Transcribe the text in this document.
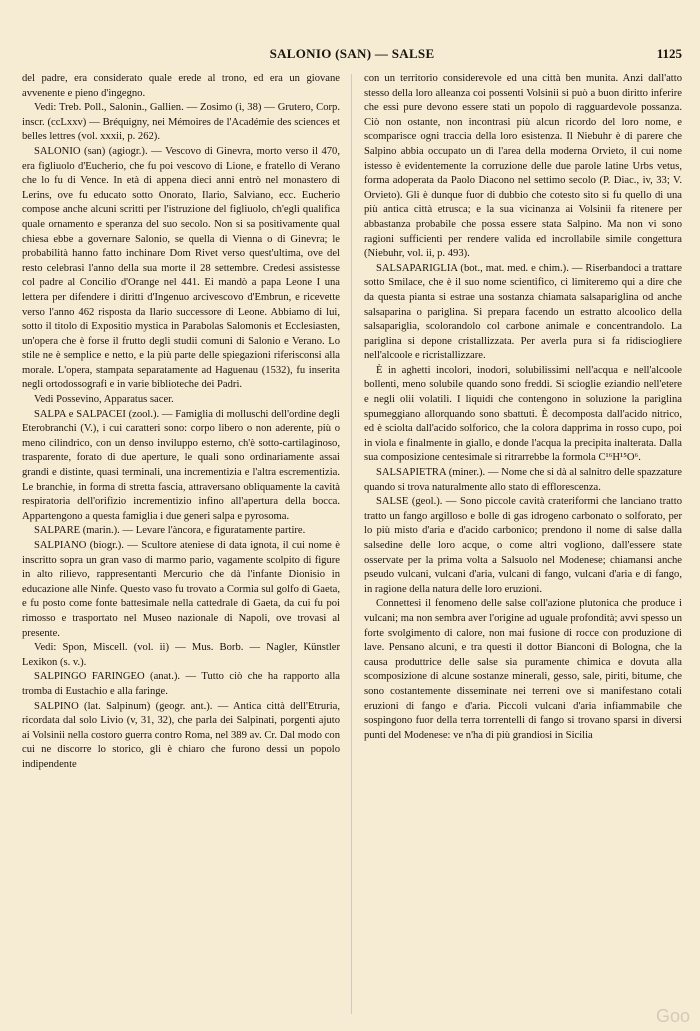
SALONIO (SAN) — SALSE	1125

del padre, era considerato quale erede al trono, ed era un giovane avvenente e pieno d'ingegno.

Vedi: Treb. Poll., Salonin., Gallien. — Zosimo (i, 38) — Grutero, Corp. inscr. (ccLxxv) — Bréquigny, nei Mémoires de l'Académie des sciences et belles lettres (vol. xxxii, p. 262).

SALONIO (san) (agiogr.). — Vescovo di Ginevra, morto verso il 470, era figliuolo d'Eucherio, che fu poi vescovo di Lione, e fratello di Verano che lo fu di Vence. In età di appena dieci anni entrò nel monastero di Lerins, ove fu educato sotto Onorato, Ilario, Salviano, ecc. Eucherio compose anche alcuni scritti per l'istruzione del figliuolo, ch'egli qualifica quale ornamento e speranza del suo secolo. Non si sa positivamente qual chiesa ebbe a governare Salonio, se quella di Vienna o di Ginevra; le probabilità hanno fatto inchinare Dom Rivet verso quest'ultima, ove del resto celebrasi l'anno della sua morte il 28 settembre. Credesi assistesse col padre al Concilio d'Orange nel 441. Ei mandò a papa Leone I una lettera per difendere i diritti d'Ingenuo arcivescovo d'Embrun, e ricevette verso l'anno 462 risposta da Ilario successore di Leone. Abbiamo di lui, sotto il titolo di Expositio mystica in Parabolas Salomonis et Ecclesiasten, un'opera che è forse il frutto degli studii comuni di Salonio e Verano. Lo stile ne è semplice e netto, e la più parte delle spiegazioni riferisconsi alla morale. L'opera, stampata separatamente ad Haguenau (1532), fu inserita negli ortodossografi e in varie biblioteche dei Padri.

Vedi Possevino, Apparatus sacer.

SALPA e SALPACEI (zool.). — Famiglia di molluschi dell'ordine degli Eterobranchi (V.), i cui caratteri sono: corpo libero o non aderente, più o meno cilindrico, con un denso inviluppo esterno, ch'è sotto-cartilaginoso, trasparente, forato di due aperture, le quali sono ordinariamente assai grandi e distinte, quasi terminali, una incrementizia e l'altra escrementizia. Le branchie, in forma di stretta fascia, attraversano obliquamente la cavità respiratoria dell'orifizio incrementizio infino all'apertura della bocca. Appartengono a questa famiglia i due generi salpa e pyrosoma.

SALPARE (marin.). — Levare l'àncora, e figuratamente partire.

SALPIANO (biogr.). — Scultore ateniese di data ignota, il cui nome è inscritto sopra un gran vaso di marmo pario, vagamente scolpito di figure in alto rilievo, rappresentanti Mercurio che dà l'infante Dionisio in educazione alle Ninfe. Questo vaso fu trovato a Cormia sul golfo di Gaeta, e fu posto come fonte battesimale nella cattedrale di Gaeta, da cui fu poi rimosso e trasportato nel Museo nazionale di Napoli, ove trovasi al presente.

Vedi: Spon, Miscell. (vol. ii) — Mus. Borb. — Nagler, Künstler Lexikon (s. v.).

SALPINGO FARINGEO (anat.). — Tutto ciò che ha rapporto alla tromba di Eustachio e alla faringe.

SALPINO (lat. Salpinum) (geogr. ant.). — Antica città dell'Etruria, ricordata dal solo Livio (v, 31, 32), che parla dei Salpinati, porgenti ajuto ai Volsinii nella costoro guerra contro Roma, nel 389 av. Cr. Dal modo con cui ne discorre lo storico, gli è chiaro che furono dessi un popolo indipendente

con un territorio considerevole ed una città ben munita. Anzi dall'atto stesso della loro alleanza coi possenti Volsinii si può a buon diritto inferire che essi pure devono essere stati un popolo di ragguardevole possanza. Ciò non ostante, non incontrasi più alcun ricordo del loro nome, e scomparisce ogni traccia della loro esistenza. Il Niebuhr è di parere che Salpino abbia occupato un dì l'area della moderna Orvieto, il cui nome istesso è evidentemente la corruzione delle due parole latine Urbs vetus, forma adoperata da Paolo Diacono nel settimo secolo (P. Diac., iv, 33; V. Orvieto). Gli è dunque fuor di dubbio che cotesto sito si fu quello di una più antica città etrusca; e la sua vicinanza ai Volsinii fa ritenere per abbastanza probabile che possa essere stata Salpino. Ma non vi sono ragioni sufficienti per rendere valida ed incrollabile simile congettura (Niebuhr, vol. ii, p. 493).

SALSAPARIGLIA (bot., mat. med. e chim.). — Riserbandoci a trattare sotto Smilace, che è il suo nome scientifico, ci limiteremo qui a dire che da questa pianta si estrae una sostanza chiamata salsapariglina od anche salsaparina o pariglina. Si prepara facendo un estratto alcoolico della salsapariglia, scolorandolo col carbone animale e concentrandolo. La pariglina si depone cristallizzata. Per averla pura si fa ridiscioglierе nell'alcoole e ricristallizzare.

È in aghetti incolori, inodori, solubilissimi nell'acqua e nell'alcoole bollenti, meno solubile quando sono freddi. Si scioglie eziandio nell'etere e negli olii volatili. I liquidi che contengono in soluzione la pariglina spumeggiano allorquando sono sbattuti. È decomposta dall'acido nitrico, ed è sciolta dall'acido solforico, che la colora dapprima in rosso cupo, poi in viola e finalmente in giallo, e donde l'acqua la precipita inalterata. Dalla sua composizione centesimale si ritrarrebbe la formola C¹⁶H¹⁵O⁶.

SALSAPIETRA (miner.). — Nome che si dà al salnitro delle spazzature quando si trova naturalmente allo stato di efflorescenza.

SALSE (geol.). — Sono piccole cavità crateriformi che lanciano tratto tratto un fango argilloso e bolle di gas idrogeno carbonato o solforato, per lo più misto d'aria e d'acido carbonico; prendono il nome di salse dalla salsedine delle loro acque, o come altri vogliono, dall'essere state osservate per la prima volta a Salsuolo nel Modenese; chiamansi anche pseudo vulcani, vulcani d'aria, vulcani di fango, vulcani d'aria e di fango, in ragione della natura delle loro eruzioni.

Connettesi il fenomeno delle salse coll'azione plutonica che produce i vulcani; ma non sembra aver l'origine ad uguale profondità; avvi spesso un forte svolgimento di calore, non mai fusione di rocce con produzione di lave. Pensano alcuni, e tra questi il dottor Bianconi di Bologna, che la causa produttrice delle salse sia puramente chimica e dovuta alla scomposizione di alcune sostanze minerali, gesso, sale, piriti, bitume, che sono costantemente disseminate nei terreni ove si manifestano cotali eruzioni di fango e d'aria. Piccoli vulcani d'aria infiammabile che sospingono fuor della terra torrentelli di fango si trovano sparsi in diversi punti del Modenese: ve n'ha di più grandiosi in Sicilia

Goo
